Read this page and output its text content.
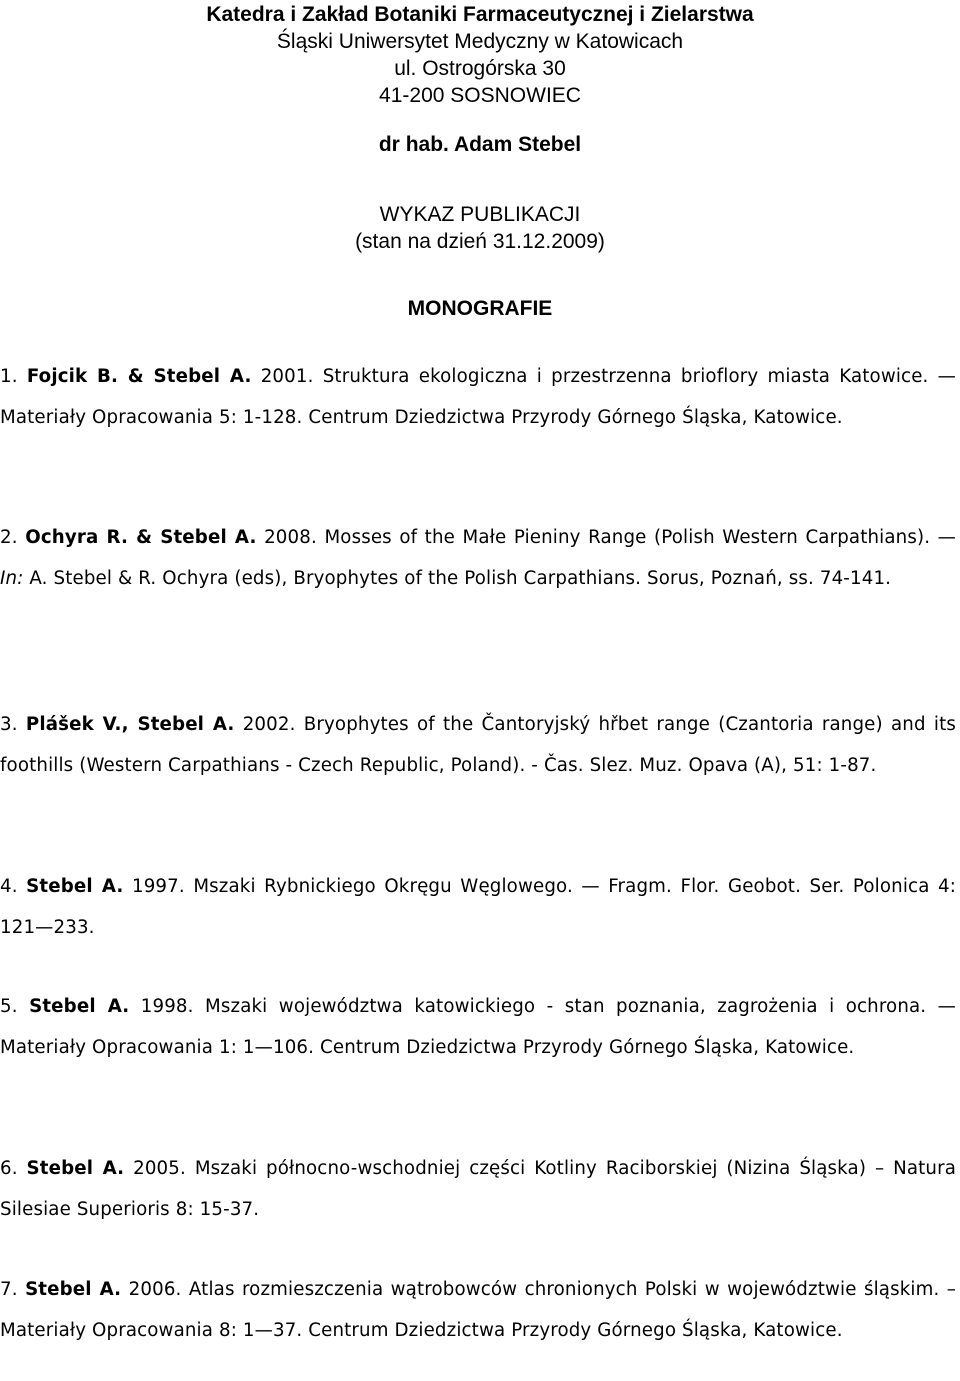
Katedra i Zakład Botaniki Farmaceutycznej i Zielarstwa
Śląski Uniwersytet Medyczny w Katowicach
ul. Ostrogórska 30
41-200 SOSNOWIEC
dr hab. Adam Stebel
WYKAZ PUBLIKACJI
(stan na dzień 31.12.2009)
MONOGRAFIE
1. Fojcik B. & Stebel A. 2001. Struktura ekologiczna i przestrzenna brioflory miasta Katowice. — Materiały Opracowania 5: 1-128. Centrum Dziedzictwa Przyrody Górnego Śląska, Katowice.
2. Ochyra R. & Stebel A. 2008. Mosses of the Małe Pieniny Range (Polish Western Carpathians). — In: A. Stebel & R. Ochyra (eds), Bryophytes of the Polish Carpathians. Sorus, Poznań, ss. 74-141.
3. Plášek V., Stebel A. 2002. Bryophytes of the Čantoryjský hřbet range (Czantoria range) and its foothills (Western Carpathians - Czech Republic, Poland). - Čas. Slez. Muz. Opava (A), 51: 1-87.
4. Stebel A. 1997. Mszaki Rybnickiego Okręgu Węglowego. — Fragm. Flor. Geobot. Ser. Polonica 4: 121—233.
5. Stebel A. 1998. Mszaki województwa katowickiego - stan poznania, zagrożenia i ochrona. — Materiały Opracowania 1: 1—106. Centrum Dziedzictwa Przyrody Górnego Śląska, Katowice.
6. Stebel A. 2005. Mszaki północno-wschodniej części Kotliny Raciborskiej (Nizina Śląska) – Natura Silesiae Superioris 8: 15-37.
7. Stebel A. 2006. Atlas rozmieszczenia wątrobowców chronionych Polski w województwie śląskim. – Materiały Opracowania 8: 1—37. Centrum Dziedzictwa Przyrody Górnego Śląska, Katowice.
